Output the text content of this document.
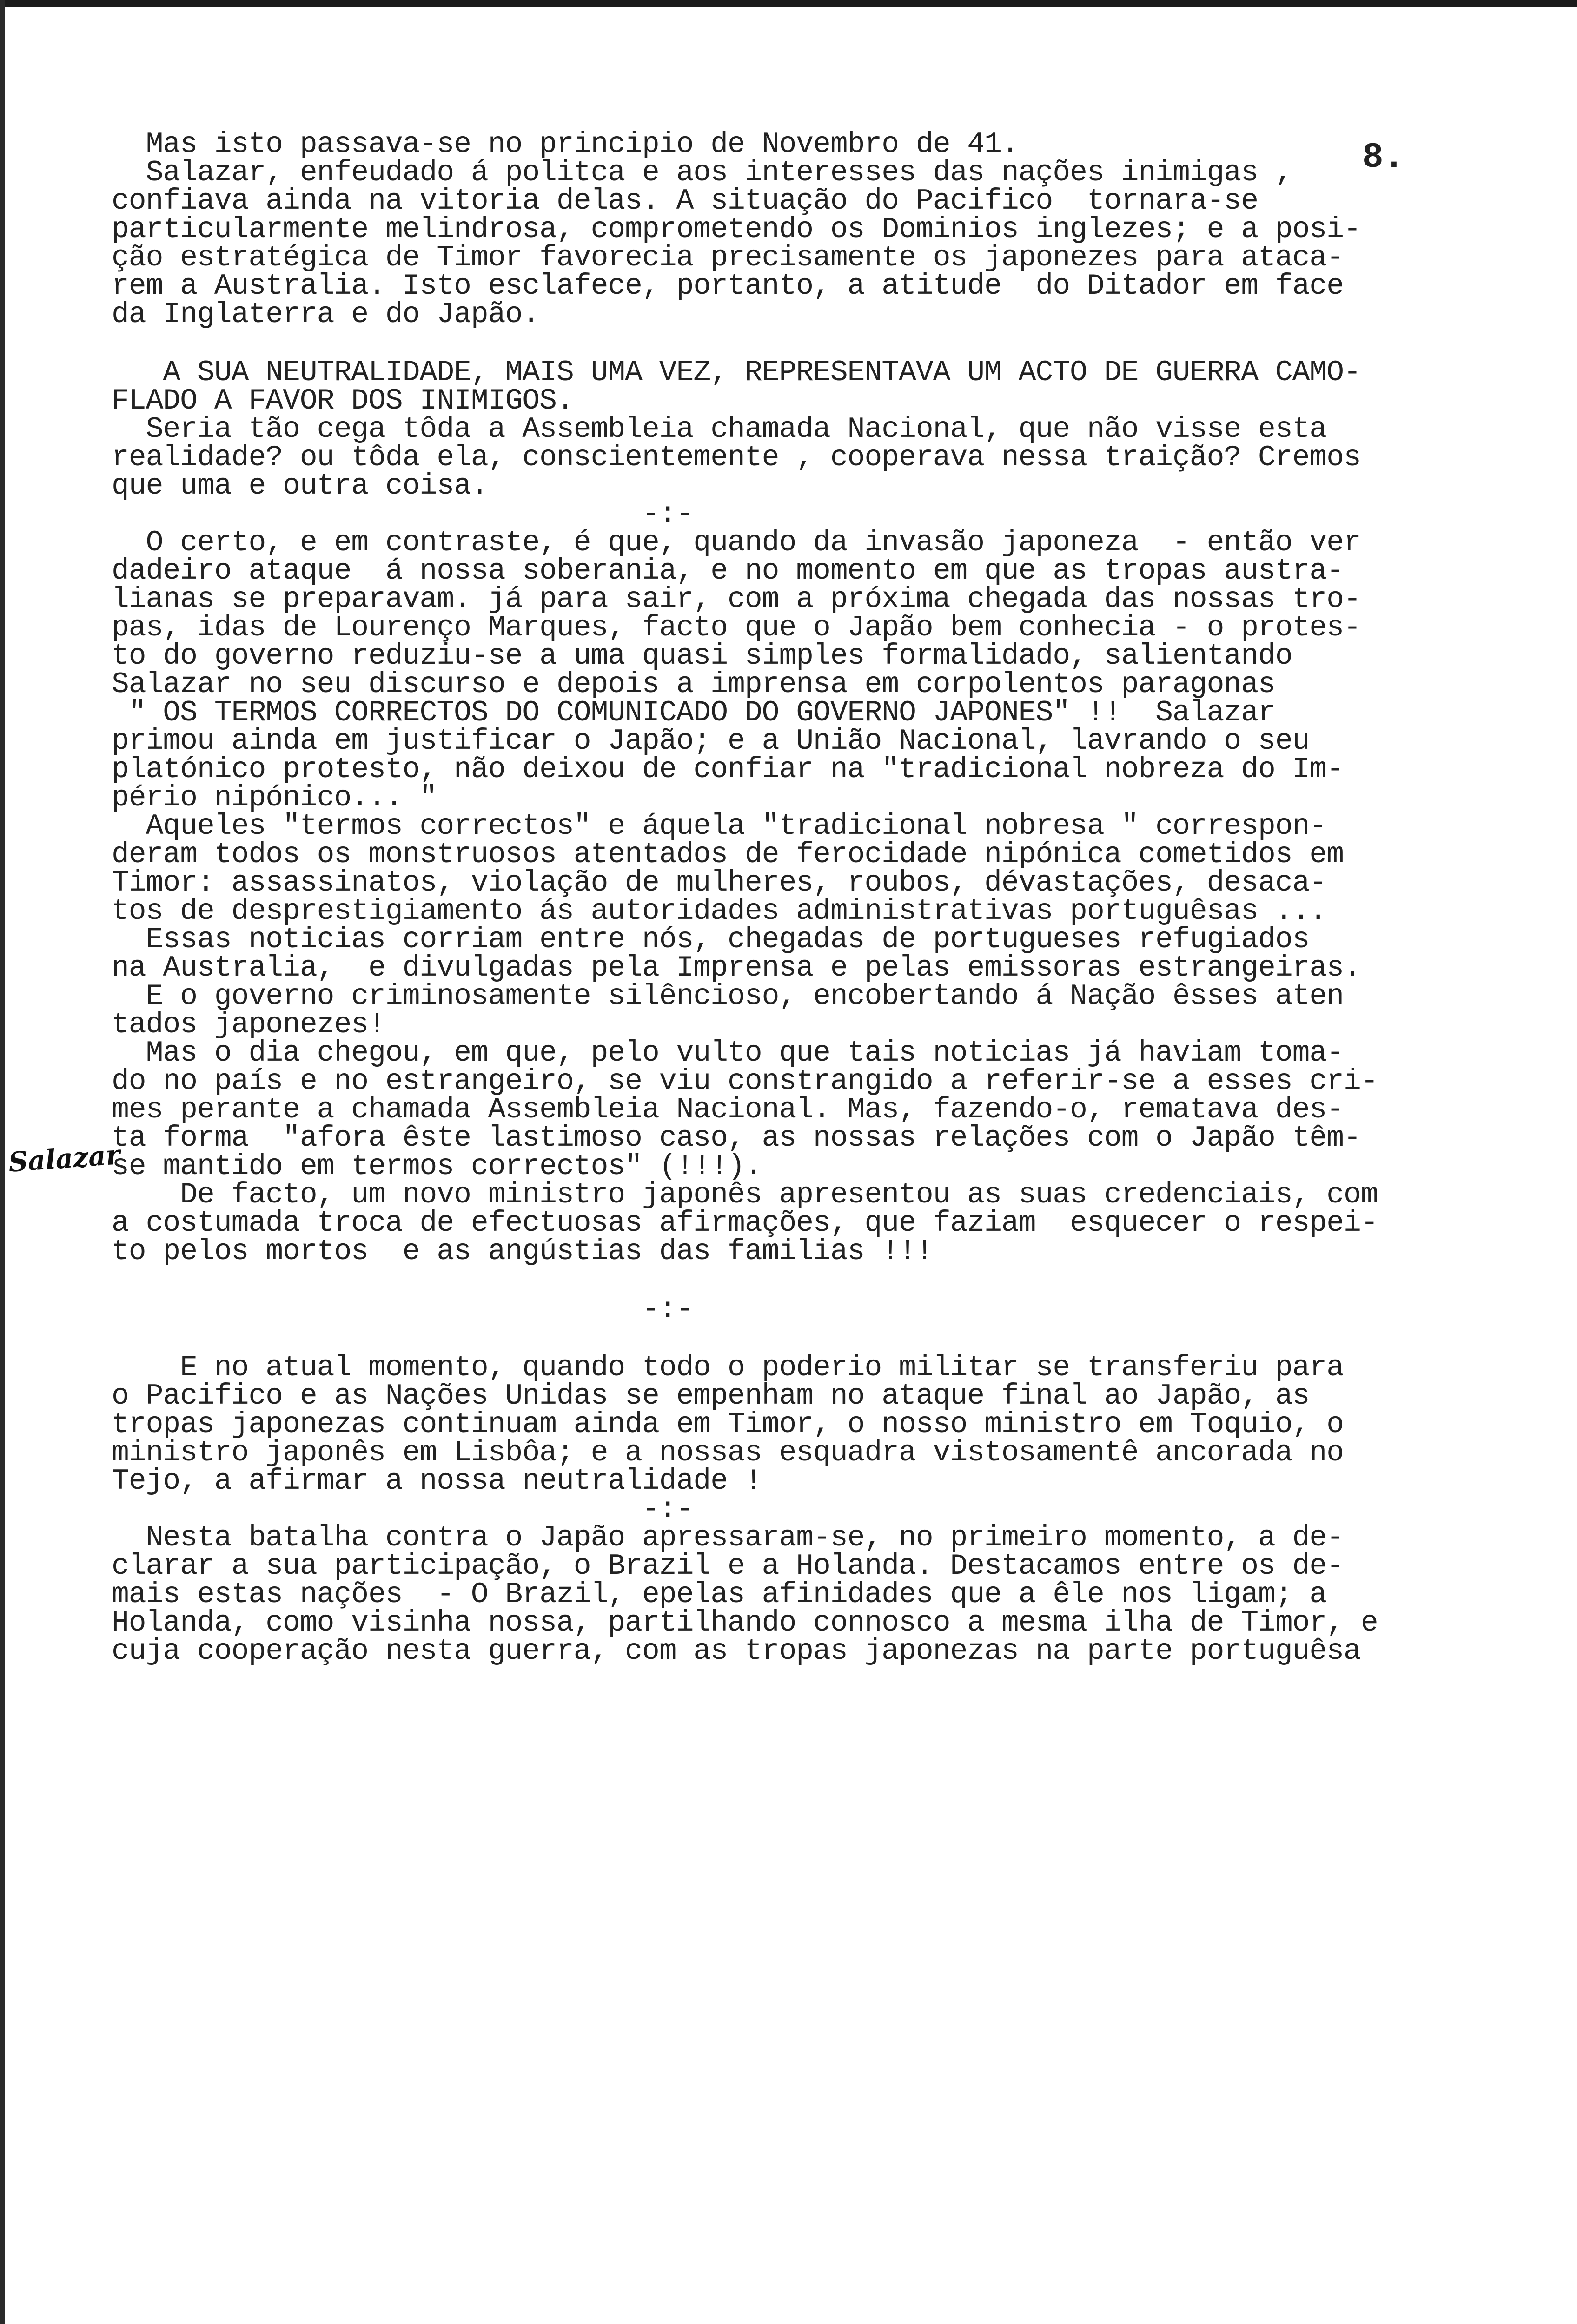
8.
Salazar
Mas isto passava-se no principio de Novembro de 41.
Salazar, enfeudado á politca e aos interesses das nações inimigas ,
confiava ainda na vitoria delas. A situação do Pacifico  tornara-se
particularmente melindrosa, comprometendo os Dominios inglezes; e a posi-
ção estratégica de Timor favorecia precisamente os japonezes para ataca-
rem a Australia. Isto esclafece, portanto, a atitude  do Ditador em face
da Inglaterra e do Japão.
A SUA NEUTRALIDADE, MAIS UMA VEZ, REPRESENTAVA UM ACTO DE GUERRA CAMO-
FLADO A FAVOR DOS INIMIGOS.
Seria tão cega tôda a Assembleia chamada Nacional, que não visse esta
realidade? ou tôda ela, conscientemente , cooperava nessa traição? Cremos
que uma e outra coisa.
-:-
O certo, e em contraste, é que, quando da invasão japoneza  - então ver
dadeiro ataque  á nossa soberania, e no momento em que as tropas austra-
lianas se preparavam. já para sair, com a próxima chegada das nossas tro-
pas, idas de Lourenço Marques, facto que o Japão bem conhecia - o protes-
to do governo reduziu-se a uma quasi simples formalidado, salientando
Salazar no seu discurso e depois a imprensa em corpolentos paragonas
" OS TERMOS CORRECTOS DO COMUNICADO DO GOVERNO JAPONES" !!  Salazar
primou ainda em justificar o Japão; e a União Nacional, lavrando o seu
platónico protesto, não deixou de confiar na "tradicional nobreza do Im-
pério nipónico... "
Aqueles "termos correctos" e áquela "tradicional nobresa " correspon-
deram todos os monstruosos atentados de ferocidade nipónica cometidos em
Timor: assassinatos, violação de mulheres, roubos, dévastações, desaca-
tos de desprestigiamento ás autoridades administrativas portuguêsas ...
Essas noticias corriam entre nós, chegadas de portugueses refugiados
na Australia,  e divulgadas pela Imprensa e pelas emissoras estrangeiras.
E o governo criminosamente silêncioso, encobertando á Nação êsses aten
tados japonezes!
Mas o dia chegou, em que, pelo vulto que tais noticias já haviam toma-
do no país e no estrangeiro, se viu constrangido a referir-se a esses cri-
mes perante a chamada Assembleia Nacional. Mas, fazendo-o, rematava des-
ta forma  "afora êste lastimoso caso, as nossas relações com o Japão têm-
se mantido em termos correctos" (!!!).
De facto, um novo ministro japonês apresentou as suas credenciais, com
a costumada troca de efectuosas afirmações, que faziam  esquecer o respei-
to pelos mortos  e as angústias das familias !!!
-:-
E no atual momento, quando todo o poderio militar se transferiu para
o Pacifico e as Nações Unidas se empenham no ataque final ao Japão, as
tropas japonezas continuam ainda em Timor, o nosso ministro em Toquio, o
ministro japonês em Lisbôa; e a nossas esquadra vistosamentê ancorada no
Tejo, a afirmar a nossa neutralidade !
-:-
Nesta batalha contra o Japão apressaram-se, no primeiro momento, a de-
clarar a sua participação, o Brazil e a Holanda. Destacamos entre os de-
mais estas nações  - O Brazil, epelas afinidades que a êle nos ligam; a
Holanda, como visinha nossa, partilhando connosco a mesma ilha de Timor, e
cuja cooperação nesta guerra, com as tropas japonezas na parte portuguêsa
